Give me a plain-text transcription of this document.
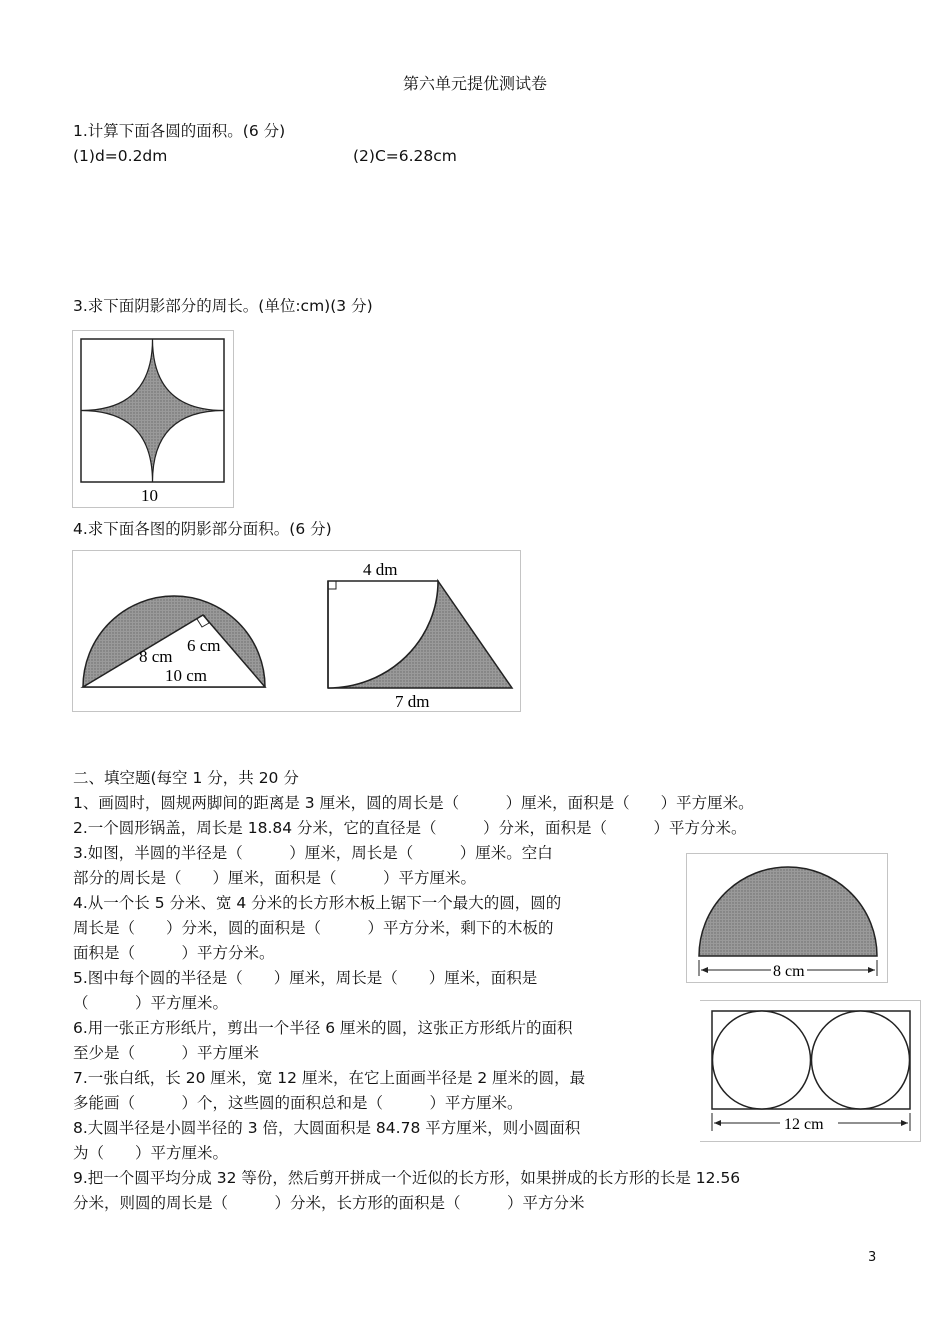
第六单元提优测试卷
1.计算下面各圆的面积。(6 分)
(1)d=0.2dm	(2)C=6.28cm
3.求下面阴影部分的周长。(单位:cm)(3 分)
10
4.求下面各图的阴影部分面积。(6 分)
8 cm
6 cm
10 cm
4 dm
7 dm
二、填空题(每空 1 分，共 20 分
1、画圆时，圆规两脚间的距离是 3 厘米，圆的周长是（　　　）厘米，面积是（　　）平方厘米。
2.一个圆形锅盖，周长是 18.84 分米，它的直径是（　　　）分米，面积是（　　　）平方分米。
3.如图，半圆的半径是（　　　）厘米，周长是（　　　）厘米。空白
部分的周长是（　　）厘米，面积是（　　　）平方厘米。
4.从一个长 5 分米、宽 4 分米的长方形木板上锯下一个最大的圆，圆的
周长是（　　）分米，圆的面积是（　　　）平方分米，剩下的木板的
面积是（　　　）平方分米。
5.图中每个圆的半径是（　　）厘米，周长是（　　）厘米，面积是
（　　　）平方厘米。
6.用一张正方形纸片，剪出一个半径 6 厘米的圆，这张正方形纸片的面积
至少是（　　　）平方厘米
7.一张白纸，长 20 厘米，宽 12 厘米，在它上面画半径是 2 厘米的圆，最
多能画（　　　）个，这些圆的面积总和是（　　　）平方厘米。
8.大圆半径是小圆半径的 3 倍，大圆面积是 84.78 平方厘米，则小圆面积
为（　　）平方厘米。
9.把一个圆平均分成 32 等份，然后剪开拼成一个近似的长方形，如果拼成的长方形的长是 12.56
分米，则圆的周长是（　　　）分米，长方形的面积是（　　　）平方分米
8 cm
12 cm
3
